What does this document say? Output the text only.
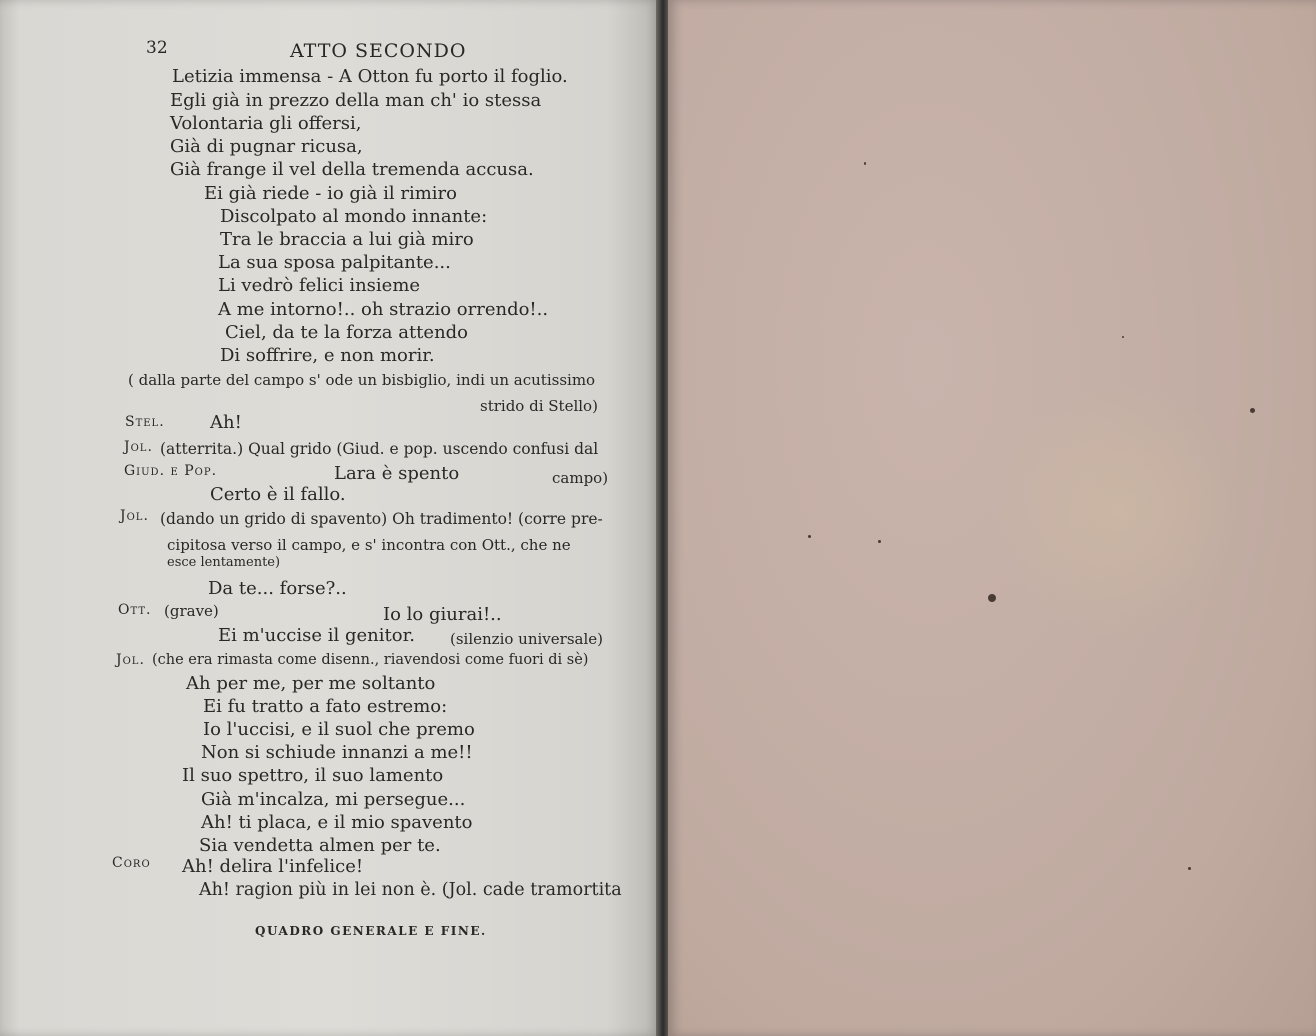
32	ATTO SECONDO
Letizia immensa - A Otton fu porto il foglio.
Egli già in prezzo della man ch' io stessa
Volontaria gli offersi,
Già di pugnar ricusa,
Già frange il vel della tremenda accusa.
Ei già riede - io già il rimiro
Discolpato al mondo innante:
Tra le braccia a lui già miro
La sua sposa palpitante...
Li vedrò felici insieme
A me intorno!.. oh strazio orrendo!..
Ciel, da te la forza attendo
Di soffrire, e non morir.
( dalla parte del campo s' ode un bisbiglio, indi un acutissimo
strido di Stello)
Stel.	Ah!
Jol. (atterrita.) Qual grido (Giud. e pop. uscendo confusi dal
Giud. e Pop.	Lara è spento	campo)
Certo è il fallo.
Jol. (dando un grido di spavento) Oh tradimento! (corre pre-
cipitosa verso il campo, e s' incontra con Ott., che ne
esce lentamente)
Da te... forse?..
Ott. (grave)	Io lo giurai!..
Ei m'uccise il genitor. (silenzio universale)
Jol. (che era rimasta come disenn., riavendosi come fuori di sè)
Ah per me, per me soltanto
Ei fu tratto a fato estremo:
Io l'uccisi, e il suol che premo
Non si schiude innanzi a me!!
Il suo spettro, il suo lamento
Già m'incalza, mi persegue...
Ah! ti placa, e il mio spavento
Sia vendetta almen per te.
Coro Ah! delira l'infelice!
Ah! ragion più in lei non è. (Jol. cade tramortita
QUADRO GENERALE E FINE.
